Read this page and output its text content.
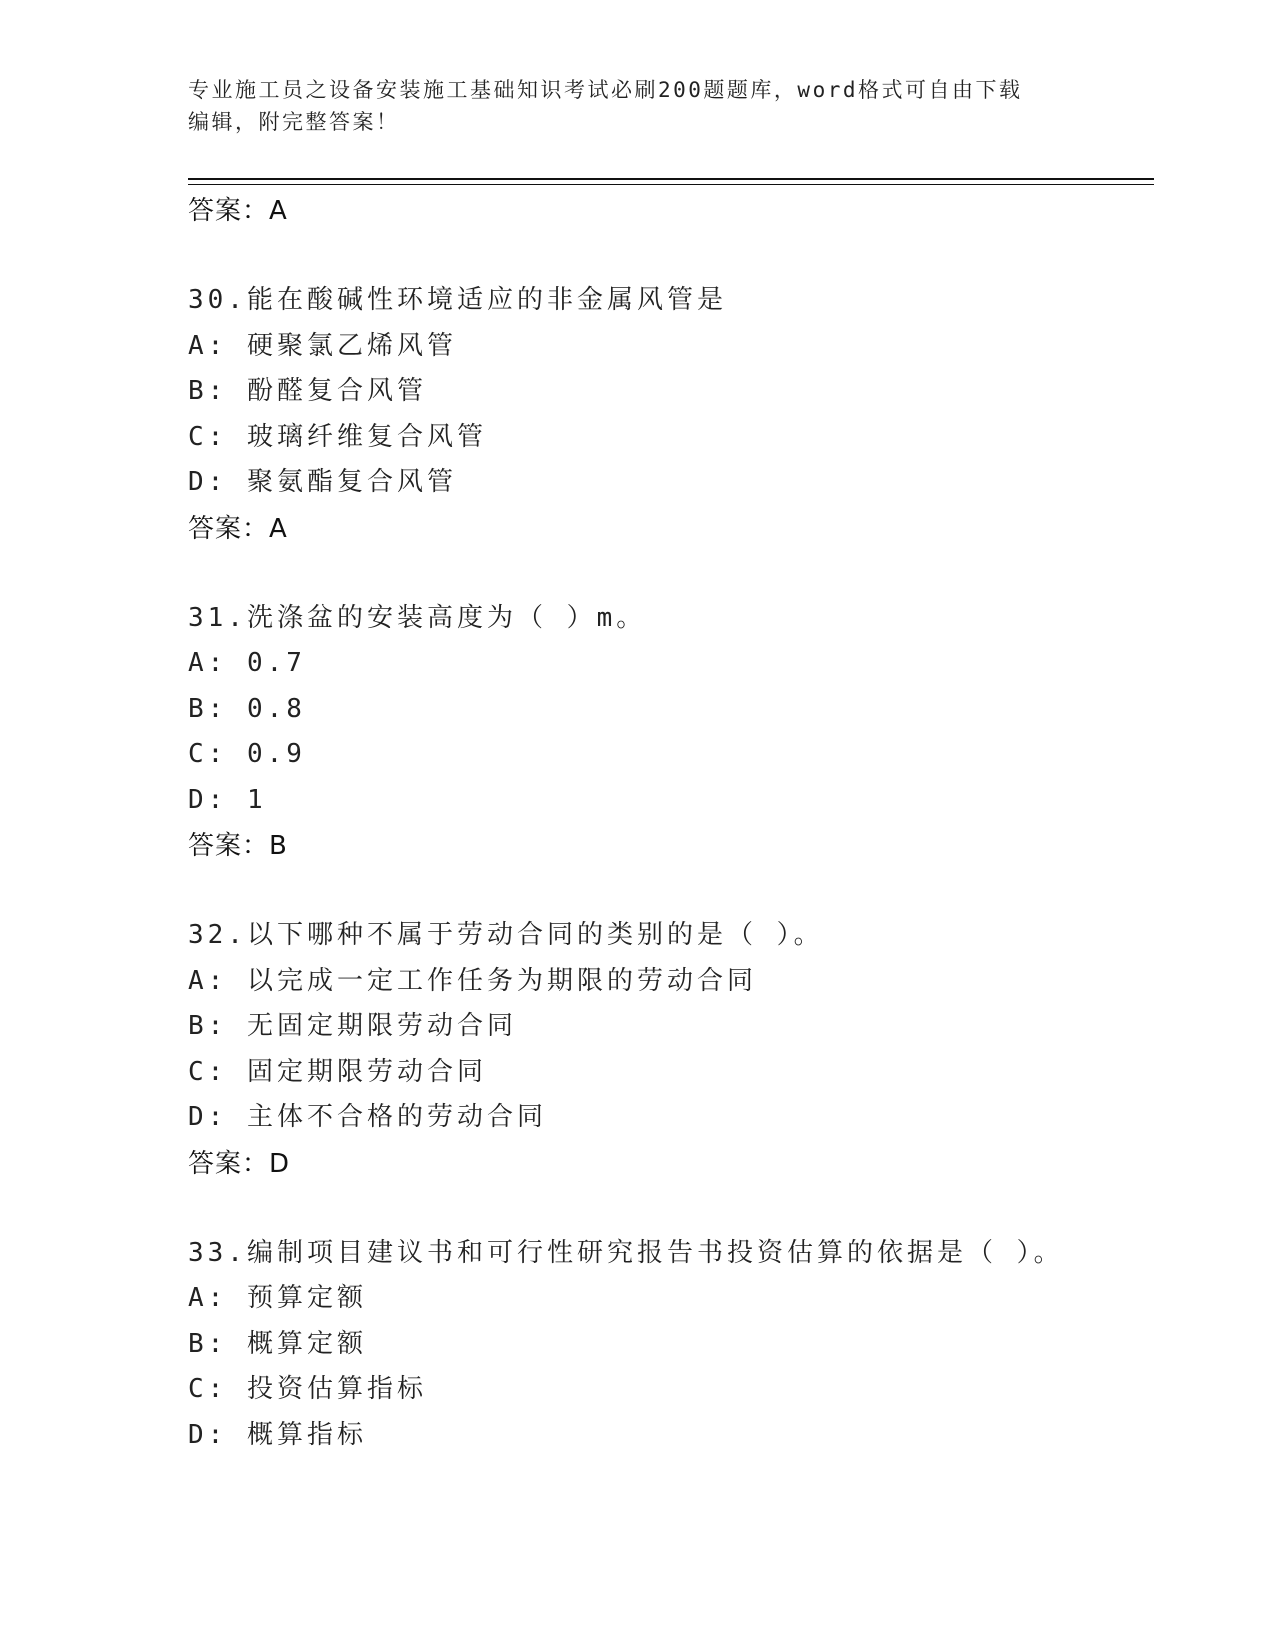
专业施工员之设备安装施工基础知识考试必刷200题题库，word格式可自由下载
编辑，附完整答案！
答案：A
30.能在酸碱性环境适应的非金属风管是
A: 硬聚氯乙烯风管
B: 酚醛复合风管
C: 玻璃纤维复合风管
D: 聚氨酯复合风管
答案：A
31.洗涤盆的安装高度为（ ）m。
A: 0.7
B: 0.8
C: 0.9
D: 1
答案：B
32.以下哪种不属于劳动合同的类别的是（ ）。
A: 以完成一定工作任务为期限的劳动合同
B: 无固定期限劳动合同
C: 固定期限劳动合同
D: 主体不合格的劳动合同
答案：D
33.编制项目建议书和可行性研究报告书投资估算的依据是（ ）。
A: 预算定额
B: 概算定额
C: 投资估算指标
D: 概算指标
